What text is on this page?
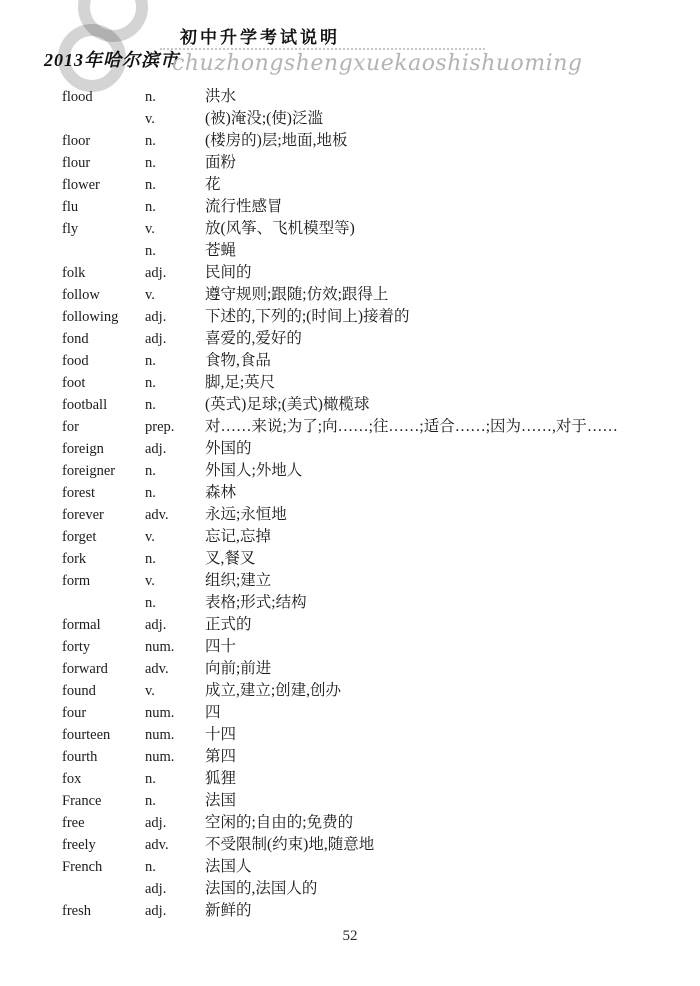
2013年哈尔滨市
初中升学考试说明
chuzhongshengxuekaoshishuoming
flood	n.	洪水
v.	(被)淹没;(使)泛滥
floor	n.	(楼房的)层;地面,地板
flour	n.	面粉
flower	n.	花
flu	n.	流行性感冒
fly	v.	放(风筝、飞机模型等)
n.	苍蝇
folk	adj.	民间的
follow	v.	遵守规则;跟随;仿效;跟得上
following	adj.	下述的,下列的;(时间上)接着的
fond	adj.	喜爱的,爱好的
food	n.	食物,食品
foot	n.	脚,足;英尺
football	n.	(英式)足球;(美式)橄榄球
for	prep.	对……来说;为了;向……;往……;适合……;因为……,对于……
foreign	adj.	外国的
foreigner	n.	外国人;外地人
forest	n.	森林
forever	adv.	永远;永恒地
forget	v.	忘记,忘掉
fork	n.	叉,餐叉
form	v.	组织;建立
n.	表格;形式;结构
formal	adj.	正式的
forty	num.	四十
forward	adv.	向前;前进
found	v.	成立,建立;创建,创办
four	num.	四
fourteen	num.	十四
fourth	num.	第四
fox	n.	狐狸
France	n.	法国
free	adj.	空闲的;自由的;免费的
freely	adv.	不受限制(约束)地,随意地
French	n.	法国人
adj.	法国的,法国人的
fresh	adj.	新鲜的
52
